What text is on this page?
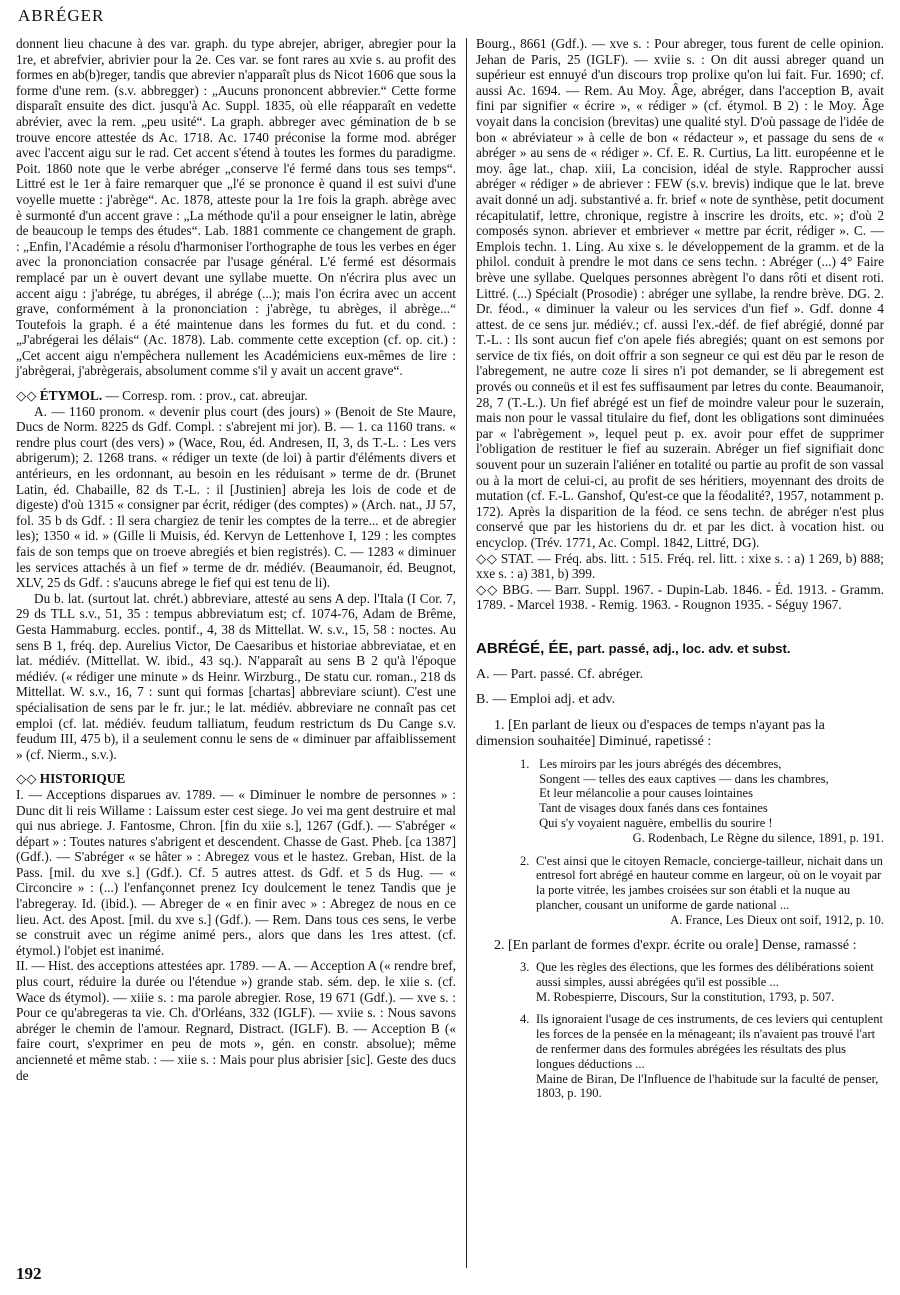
ABRÉGER

donnent lieu chacune à des var. graph. du type abrejer, abriger, abregier pour la 1re, et abrefvier, abrivier pour la 2e. Ces var. se font rares au xvie s. au profit des formes en ab(b)reger, tandis que abrevier n'apparaît plus ds Nicot 1606 que sous la forme d'une rem. (s.v. abbregger) : „Aucuns prononcent abbrevier.“ Cette forme disparaît ensuite des dict. jusqu'à Ac. Suppl. 1835, où elle réapparaît en vedette abrévier, avec la rem. „peu usité“. La graph. abbreger avec gémination de b se trouve encore attestée ds Ac. 1718. Ac. 1740 préconise la forme mod. abréger avec l'accent aigu sur le rad. Cet accent s'étend à toutes les formes du paradigme. Poit. 1860 note que le verbe abréger „conserve l'é fermé dans tous ses temps“. Littré est le 1er à faire remarquer que „l'é se prononce è quand il est suivi d'une voyelle muette : j'abrège“. Ac. 1878, atteste pour la 1re fois la graph. abrège avec è surmonté d'un accent grave : „La méthode qu'il a pour enseigner le latin, abrège de beaucoup le temps des études“. Lab. 1881 commente ce changement de graph. : „Enfin, l'Académie a résolu d'harmoniser l'orthographe de tous les verbes en éger avec la prononciation consacrée par l'usage général. L'é fermé est désormais remplacé par un è ouvert devant une syllabe muette. On n'écrira plus avec un accent aigu : j'abrége, tu abréges, il abrége (...); mais l'on écrira avec un accent grave, conformément à la prononciation : j'abrège, tu abrèges, il abrège...“ Toutefois la graph. é a été maintenue dans les formes du fut. et du cond. : „J'abrégerai les délais“ (Ac. 1878). Lab. commente cette exception (cf. op. cit.) : „Cet accent aigu n'empêchera nullement les Académiciens eux-mêmes de lire : j'abrègerai, j'abrègerais, absolument comme s'il y avait un accent grave“.

◇◇ ÉTYMOL. — Corresp. rom. : prov., cat. abreujar.

A. — 1160 pronom. « devenir plus court (des jours) » (Benoit de Ste Maure, Ducs de Norm. 8225 ds Gdf. Compl. : s'abrejent mi jor). B. — 1. ca 1160 trans. « rendre plus court (des vers) » (Wace, Rou, éd. Andresen, II, 3, ds T.-L. : Les vers abrigerum); 2. 1268 trans. « rédiger un texte (de loi) à partir d'éléments divers et antérieurs, en les ordonnant, au besoin en les réduisant » terme de dr. (Brunet Latin, éd. Chabaille, 82 ds T.-L. : il [Justinien] abreja les lois de code et de digeste) d'où 1315 « consigner par écrit, rédiger (des comptes) » (Arch. nat., JJ 57, fol. 35 b ds Gdf. : Il sera chargiez de tenir les comptes de la terre... et de abregier les); 1350 « id. » (Gille li Muisis, éd. Kervyn de Lettenhove I, 129 : les comptes fais de son temps que on troeve abregiés et bien registrés). C. — 1283 « diminuer les services attachés à un fief » terme de dr. médiév. (Beaumanoir, éd. Beugnot, XLV, 25 ds Gdf. : s'aucuns abrege le fief qui est tenu de li).

Du b. lat. (surtout lat. chrét.) abbreviare, attesté au sens A dep. l'Itala (I Cor. 7, 29 ds TLL s.v., 51, 35 : tempus abbreviatum est; cf. 1074-76, Adam de Brême, Gesta Hammaburg. eccles. pontif., 4, 38 ds Mittellat. W. s.v., 15, 58 : noctes. Au sens B 1, fréq. dep. Aurelius Victor, De Caesaribus et historiae abbreviatae, et en lat. médiév. (Mittellat. W. ibid., 43 sq.). N'apparaît au sens B 2 qu'à l'époque médiév. (« rédiger une minute » ds Heinr. Wirzburg., De statu cur. roman., 218 ds Mittellat. W. s.v., 16, 7 : sunt qui formas [chartas] abbreviare sciunt). C'est une spécialisation de sens par le fr. jur.; le lat. médiév. abbreviare ne connaît pas cet emploi (cf. lat. médiév. feudum talliatum, feudum restrictum ds Du Cange s.v. feudum III, 475 b), il a seulement connu le sens de « diminuer par affaiblissement » (cf. Nierm., s.v.).

◇◇ HISTORIQUE

I. — Acceptions disparues av. 1789. — « Diminuer le nombre de personnes » : Dunc dit li reis Willame : Laissum ester cest siege. Jo vei ma gent destruire et mal qui nus abriege. J. Fantosme, Chron. [fin du xiie s.], 1267 (Gdf.). — S'abréger « départ » : Toutes natures s'abrigent et descendent. Chasse de Gast. Pheb. [ca 1387] (Gdf.). — S'abréger « se hâter » : Abregez vous et le hastez. Greban, Hist. de la Pass. [mil. du xve s.] (Gdf.). Cf. 5 autres attest. ds Gdf. et 5 ds Hug. — « Circoncire » : (...) l'enfançonnet prenez Icy doulcement le tenez Tandis que je l'abregeray. Id. (ibid.). — Abreger de « en finir avec » : Abregez de nous en ce lieu. Act. des Apost. [mil. du xve s.] (Gdf.). — Rem. Dans tous ces sens, le verbe se construit avec un régime animé pers., alors que dans les 1res attest. (cf. étymol.) l'objet est inanimé.

II. — Hist. des acceptions attestées apr. 1789. — A. — Acception A (« rendre bref, plus court, réduire la durée ou l'étendue ») grande stab. sém. dep. le xiie s. (cf. Wace ds étymol). — xiiie s. : ma parole abregier. Rose, 19 671 (Gdf.). — xve s. : Pour ce qu'abregeras ta vie. Ch. d'Orléans, 332 (IGLF). — xviie s. : Nous savons abréger le chemin de l'amour. Regnard, Distract. (IGLF). B. — Acception B (« faire court, s'exprimer en peu de mots », gén. en constr. absolue); même ancienneté et même stab. : — xiie s. : Mais pour plus abrisier [sic]. Geste des ducs de

Bourg., 8661 (Gdf.). — xve s. : Pour abreger, tous furent de celle opinion. Jehan de Paris, 25 (IGLF). — xviie s. : On dit aussi abreger quand un supérieur est ennuyé d'un discours trop prolixe qu'on lui fait. Fur. 1690; cf. aussi Ac. 1694. — Rem. Au Moy. Âge, abréger, dans l'acception B, avait fini par signifier « écrire », « rédiger » (cf. étymol. B 2) : le Moy. Âge voyait dans la concision (brevitas) une qualité styl. D'où passage de l'idée de bon « abréviateur » à celle de bon « rédacteur », et passage du sens de « abréger » au sens de « rédiger ». Cf. E. R. Curtius, La litt. européenne et le moy. âge lat., chap. xiii, La concision, idéal de style. Rapprocher aussi abréger « rédiger » de abriever : FEW (s.v. brevis) indique que le lat. breve avait donné un adj. substantivé a. fr. brief « note de synthèse, petit document récapitulatif, lettre, chronique, registre à inscrire les droits, etc. »; d'où 2 composés synon. abriever et embriever « mettre par écrit, rédiger ». C. — Emplois techn. 1. Ling. Au xixe s. le développement de la gramm. et de la philol. conduit à prendre le mot dans ce sens techn. : Abréger (...) 4° Faire brève une syllabe. Quelques personnes abrègent l'o dans rôti et disent roti. Littré. (...) Spécialt (Prosodie) : abréger une syllabe, la rendre brève. DG. 2. Dr. féod., « diminuer la valeur ou les services d'un fief ». Gdf. donne 4 attest. de ce sens jur. médiév.; cf. aussi l'ex.-déf. de fief abrégié, donné par T.-L. : Ils sont aucun fief c'on apele fiés abregiés; quant on est semons por service de tix fiés, on doit offrir a son segneur ce qui est dëu par le reson de l'abregement, ne autre coze li sires n'i pot demander, se li abregement est provés ou conneüs et il est fes suffisaument par letres du conte. Beaumanoir, 28, 7 (T.-L.). Un fief abrégé est un fief de moindre valeur pour le suzerain, mais non pour le vassal titulaire du fief, dont les obligations sont diminuées par « l'abrègement », lequel peut p. ex. avoir pour effet de supprimer l'obligation de restituer le fief au suzerain. Abréger un fief signifiait donc souvent pour un suzerain l'aliéner en totalité ou partie au profit de son vassal ou à la mort de celui-ci, au profit de ses héritiers, moyennant des droits de mutation (cf. F.-L. Ganshof, Qu'est-ce que la féodalité?, 1957, notamment p. 172). Après la disparition de la féod. ce sens techn. de abréger n'est plus conservé que par les historiens du dr. et par les dict. à vocation hist. ou encyclop. (Trév. 1771, Ac. Compl. 1842, Littré, DG).

◇◇ STAT. — Fréq. abs. litt. : 515. Fréq. rel. litt. : xixe s. : a) 1 269, b) 888; xxe s. : a) 381, b) 399.

◇◇ BBG. — Barr. Suppl. 1967. - Dupin-Lab. 1846. - Éd. 1913. - Gramm. 1789. - Marcel 1938. - Remig. 1963. - Rougnon 1935. - Séguy 1967.

ABRÉGÉ, ÉE, part. passé, adj., loc. adv. et subst.
A. — Part. passé. Cf. abréger.
B. — Emploi adj. et adv.
1. [En parlant de lieux ou d'espaces de temps n'ayant pas la dimension souhaitée] Diminué, rapetissé :
1. Les miroirs par les jours abrégés des décembres,
Songent — telles des eaux captives — dans les chambres,
Et leur mélancolie a pour causes lointaines
Tant de visages doux fanés dans ces fontaines
Qui s'y voyaient naguère, embellis du sourire !
G. Rodenbach, Le Règne du silence, 1891, p. 191.
2. C'est ainsi que le citoyen Remacle, concierge-tailleur, nichait dans un entresol fort abrégé en hauteur comme en largeur, où on le voyait par la porte vitrée, les jambes croisées sur son établi et la nuque au plancher, cousant un uniforme de garde national ...
A. France, Les Dieux ont soif, 1912, p. 10.
2. [En parlant de formes d'expr. écrite ou orale] Dense, ramassé :
3. Que les règles des élections, que les formes des délibérations soient aussi simples, aussi abrégées qu'il est possible ...
M. Robespierre, Discours, Sur la constitution, 1793, p. 507.
4. Ils ignoraient l'usage de ces instruments, de ces leviers qui centuplent les forces de la pensée en la ménageant; ils n'avaient pas trouvé l'art de renfermer dans des formules abrégées les résultats des plus longues déductions ...
Maine de Biran, De l'Influence de l'habitude sur la faculté de penser, 1803, p. 190.
192
